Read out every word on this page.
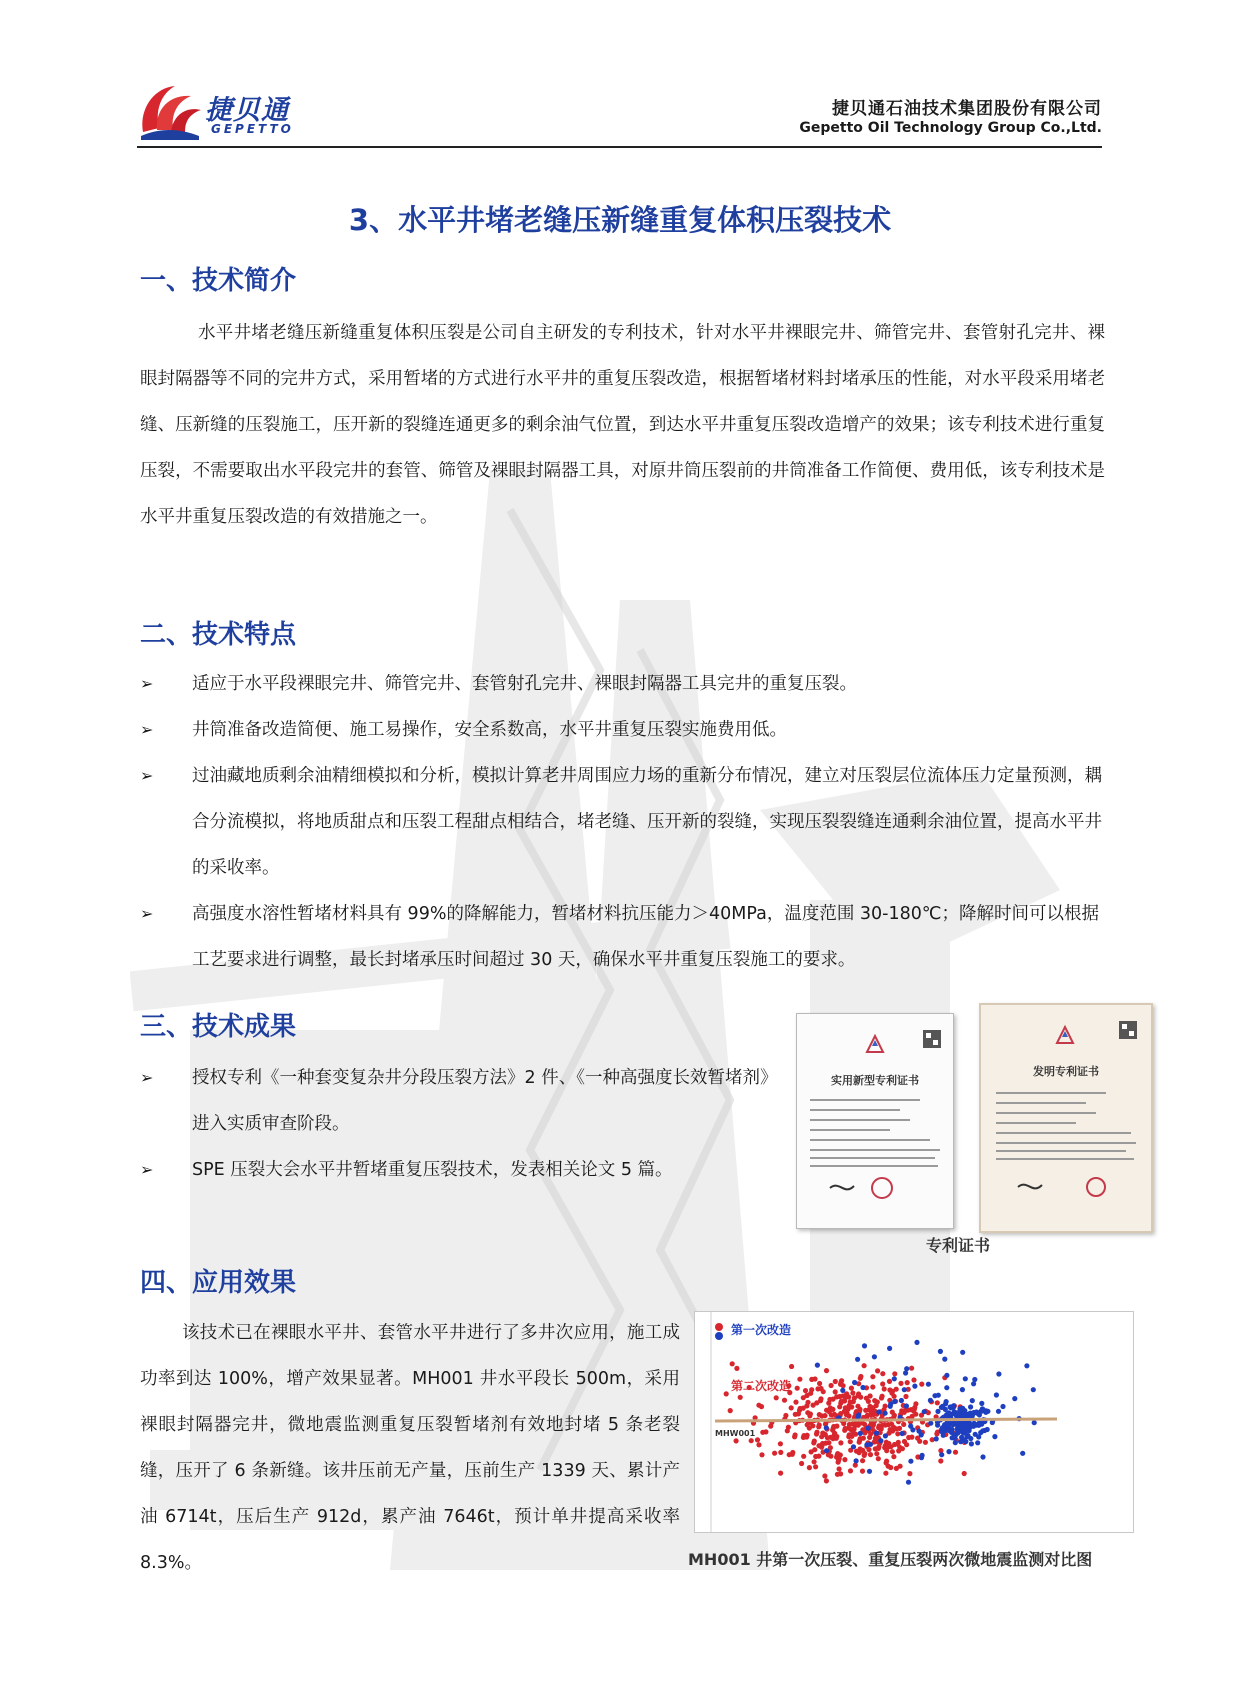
捷贝通
GEPETTO
捷贝通石油技术集团股份有限公司
Gepetto Oil Technology Group Co.,Ltd.
3、水平井堵老缝压新缝重复体积压裂技术
一、技术简介

水平井堵老缝压新缝重复体积压裂是公司自主研发的专利技术，针对水平井裸眼完井、筛管完井、套管射孔完井、裸眼封隔器等不同的完井方式，采用暂堵的方式进行水平井的重复压裂改造，根据暂堵材料封堵承压的性能，对水平段采用堵老缝、压新缝的压裂施工，压开新的裂缝连通更多的剩余油气位置，到达水平井重复压裂改造增产的效果；该专利技术进行重复压裂，不需要取出水平段完井的套管、筛管及裸眼封隔器工具，对原井筒压裂前的井筒准备工作简便、费用低，该专利技术是水平井重复压裂改造的有效措施之一。

二、技术特点
➢ 适应于水平段裸眼完井、筛管完井、套管射孔完井、裸眼封隔器工具完井的重复压裂。
➢ 井筒准备改造简便、施工易操作，安全系数高，水平井重复压裂实施费用低。
➢ 过油藏地质剩余油精细模拟和分析，模拟计算老井周围应力场的重新分布情况，建立对压裂层位流体压力定量预测，耦合分流模拟，将地质甜点和压裂工程甜点相结合，堵老缝、压开新的裂缝，实现压裂裂缝连通剩余油位置，提高水平井的采收率。
➢ 高强度水溶性暂堵材料具有 99%的降解能力，暂堵材料抗压能力＞40MPa，温度范围 30-180℃；降解时间可以根据工艺要求进行调整，最长封堵承压时间超过 30 天，确保水平井重复压裂施工的要求。
三、技术成果
➢ 授权专利《一种套变复杂井分段压裂方法》2 件、《一种高强度长效暂堵剂》进入实质审查阶段。
➢ SPE 压裂大会水平井暂堵重复压裂技术，发表相关论文 5 篇。
实用新型专利证书
发明专利证书
专利证书
四、应用效果

该技术已在裸眼水平井、套管水平井进行了多井次应用，施工成功率到达 100%，增产效果显著。MH001 井水平段长 500m，采用裸眼封隔器完井，微地震监测重复压裂暂堵剂有效地封堵 5 条老裂缝，压开了 6 条新缝。该井压前无产量，压前生产 1339 天、累计产油 6714t，压后生产 912d，累产油 7646t，预计单井提高采收率 8.3%。

第一次改造
第二次改造
MHW001
MH001 井第一次压裂、重复压裂两次微地震监测对比图
